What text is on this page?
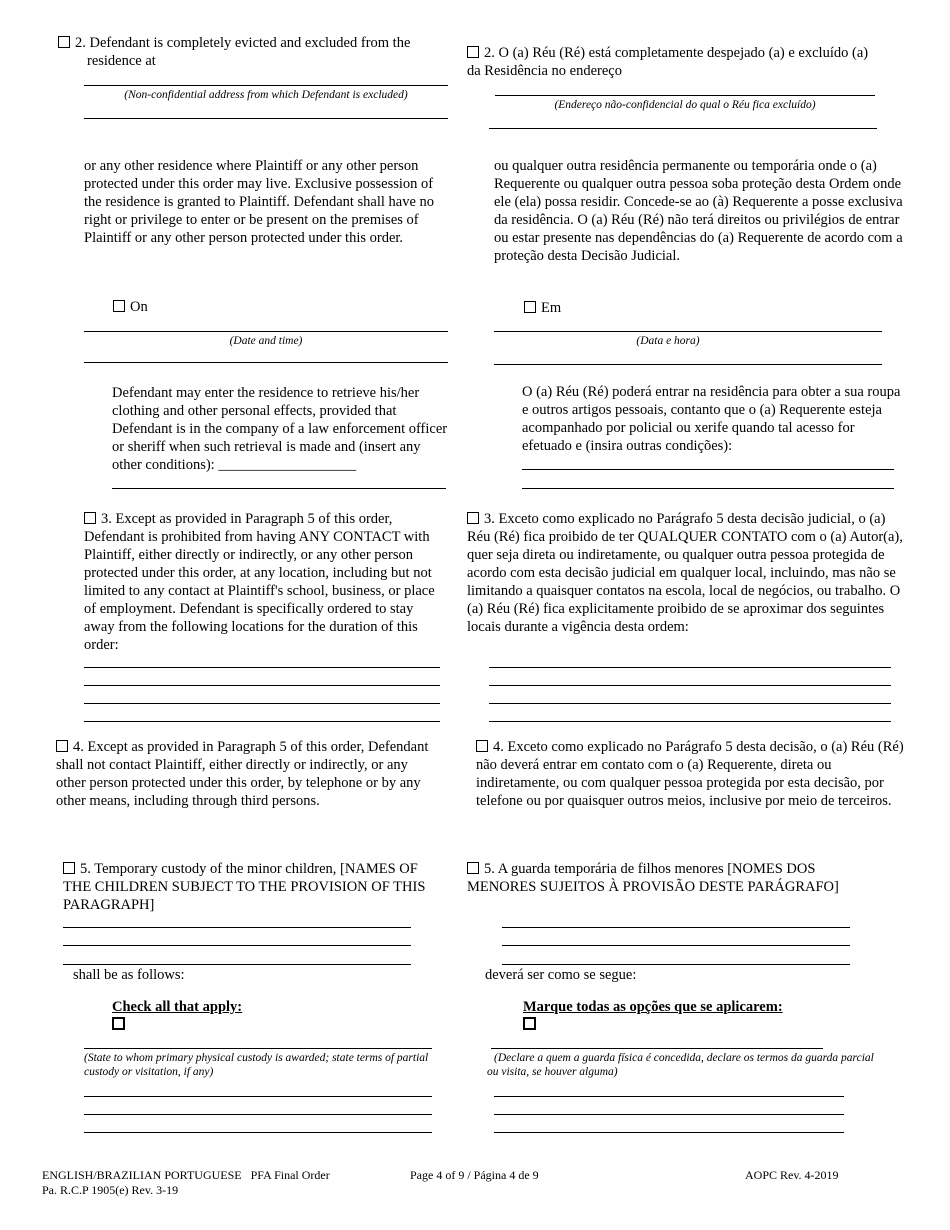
2. Defendant is completely evicted and excluded from the
residence at
(Non-confidential address from which Defendant is excluded)

or any other residence where Plaintiff or any other person protected under this order may live. Exclusive possession of the residence is granted to Plaintiff. Defendant shall have no right or privilege to enter or be present on the premises of Plaintiff or any other person protected under this order.

On
(Date and time)

Defendant may enter the residence to retrieve his/her clothing and other personal effects, provided that Defendant is in the company of a law enforcement officer or sheriff when such retrieval is made and (insert any other conditions): ___________________

3. Except as provided in Paragraph 5 of this order, Defendant is prohibited from having ANY CONTACT with Plaintiff, either directly or indirectly, or any other person protected under this order, at any location, including but not limited to any contact at Plaintiff's school, business, or place of employment. Defendant is specifically ordered to stay away from the following locations for the duration of this order:
4. Except as provided in Paragraph 5 of this order, Defendant shall not contact Plaintiff, either directly or indirectly, or any other person protected under this order, by telephone or by any other means, including through third persons.
5. Temporary custody of the minor children, [NAMES OF THE CHILDREN SUBJECT TO THE PROVISION OF THIS PARAGRAPH]
shall be as follows:
Check all that apply:
(State to whom primary physical custody is awarded; state terms of partial custody or visitation, if any)
2. O (a) Réu (Ré) está completamente despejado (a) e excluído (a)
da Residência no endereço
(Endereço não-confidencial do qual o Réu fica excluído)

ou qualquer outra residência permanente ou temporária onde o (a) Requerente ou qualquer outra pessoa soba proteção desta Ordem onde ele (ela) possa residir. Concede-se ao (à) Requerente a posse exclusiva da residência. O (a) Réu (Ré) não terá direitos ou privilégios de entrar ou estar presente nas dependências do (a) Requerente de acordo com a proteção desta Decisão Judicial.

Em
(Data e hora)

O (a) Réu (Ré) poderá entrar na residência para obter a sua roupa e outros artigos pessoais, contanto que o (a) Requerente esteja acompanhado por policial ou xerife quando tal acesso for efetuado e (insira outras condições):

3. Exceto como explicado no Parágrafo 5 desta decisão judicial, o (a) Réu (Ré) fica proibido de ter QUALQUER CONTATO com o (a) Autor(a), quer seja direta ou indiretamente, ou qualquer outra pessoa protegida de acordo com esta decisão judicial em qualquer local, incluindo, mas não se limitando a quaisquer contatos na escola, local de negócios, ou trabalho. O (a) Réu (Ré) fica explicitamente proibido de se aproximar dos seguintes locais durante a vigência desta ordem:
4. Exceto como explicado no Parágrafo 5 desta decisão, o (a) Réu (Ré) não deverá entrar em contato com o (a) Requerente, direta ou indiretamente, ou com qualquer pessoa protegida por esta decisão, por telefone ou por quaisquer outros meios, inclusive por meio de terceiros.
5. A guarda temporária de filhos menores [NOMES DOS MENORES SUJEITOS À PROVISÃO DESTE PARÁGRAFO]
deverá ser como se segue:
Marque todas as opções que se aplicarem:
(Declare a quem a guarda física é concedida, declare os termos da guarda parcial ou visita, se houver alguma)
ENGLISH/BRAZILIAN PORTUGUESE   PFA Final Order
Pa. R.C.P 1905(e) Rev. 3-19
Page 4 of 9 / Página 4 de 9	AOPC Rev. 4-2019
